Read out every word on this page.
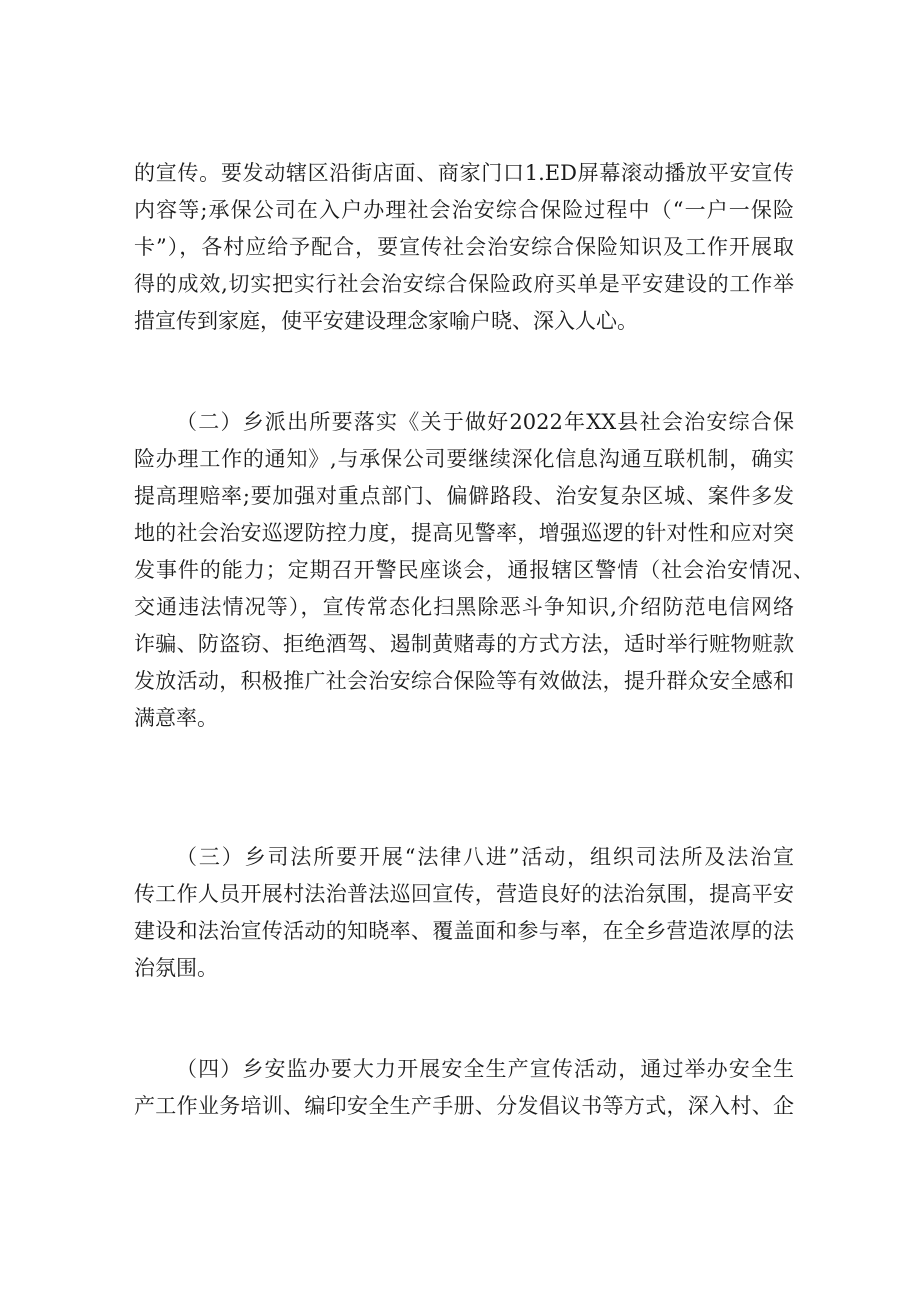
的宣传。要发动辖区沿街店面、商家门口1.ED屏幕滚动播放平安宣传
内容等;承保公司在入户办理社会治安综合保险过程中（“一户一保险
卡”），各村应给予配合，要宣传社会治安综合保险知识及工作开展取
得的成效,切实把实行社会治安综合保险政府买单是平安建设的工作举
措宣传到家庭，使平安建设理念家喻户晓、深入人心。
（二）乡派出所要落实《关于做好2022年XX县社会治安综合保
险办理工作的通知》,与承保公司要继续深化信息沟通互联机制，确实
提高理赔率;要加强对重点部门、偏僻路段、治安复杂区城、案件多发
地的社会治安巡逻防控力度，提高见警率，增强巡逻的针对性和应对突
发事件的能力；定期召开警民座谈会，通报辖区警情（社会治安情况、
交通违法情况等），宣传常态化扫黑除恶斗争知识,介绍防范电信网络
诈骗、防盗窃、拒绝酒驾、遏制黄赌毒的方式方法，适时举行赃物赃款
发放活动，积极推广社会治安综合保险等有效做法，提升群众安全感和
满意率。
（三）乡司法所要开展“法律八进”活动，组织司法所及法治宣
传工作人员开展村法治普法巡回宣传，营造良好的法治氛围，提高平安
建设和法治宣传活动的知晓率、覆盖面和参与率，在全乡营造浓厚的法
治氛围。
（四）乡安监办要大力开展安全生产宣传活动，通过举办安全生
产工作业务培训、编印安全生产手册、分发倡议书等方式，深入村、企
